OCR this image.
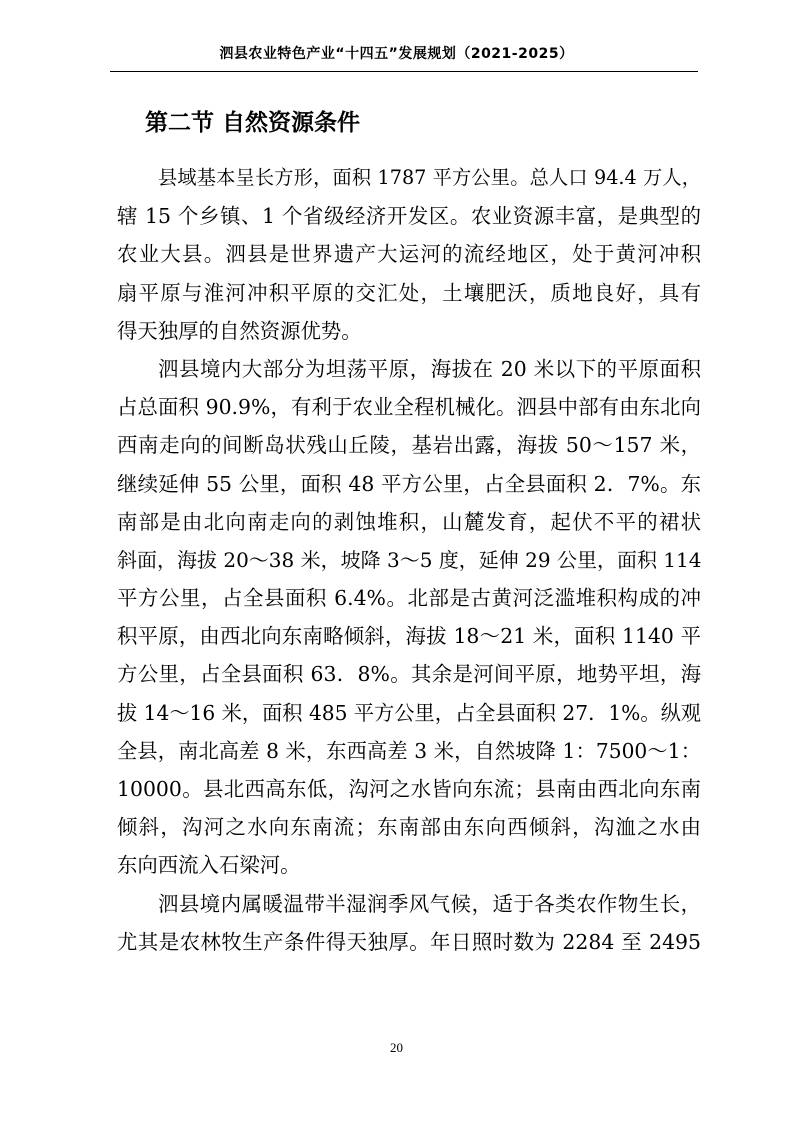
泗县农业特色产业“十四五”发展规划（2021-2025）
第二节 自然资源条件
县域基本呈长方形，面积 1787 平方公里。总人口 94.4 万人，
辖 15 个乡镇、1 个省级经济开发区。农业资源丰富，是典型的
农业大县。泗县是世界遗产大运河的流经地区，处于黄河冲积
扇平原与淮河冲积平原的交汇处，土壤肥沃，质地良好，具有
得天独厚的自然资源优势。
泗县境内大部分为坦荡平原，海拔在 20 米以下的平原面积
占总面积 90.9%，有利于农业全程机械化。泗县中部有由东北向
西南走向的间断岛状残山丘陵，基岩出露，海拔 50～157 米，
继续延伸 55 公里，面积 48 平方公里，占全县面积 2．7%。东
南部是由北向南走向的剥蚀堆积，山麓发育，起伏不平的裙状
斜面，海拔 20～38 米，坡降 3～5 度，延伸 29 公里，面积 114
平方公里，占全县面积 6.4%。北部是古黄河泛滥堆积构成的冲
积平原，由西北向东南略倾斜，海拔 18～21 米，面积 1140 平
方公里，占全县面积 63．8%。其余是河间平原，地势平坦，海
拔 14～16 米，面积 485 平方公里，占全县面积 27．1%。纵观
全县，南北高差 8 米，东西高差 3 米，自然坡降 1：7500～1：
10000。县北西高东低，沟河之水皆向东流；县南由西北向东南
倾斜，沟河之水向东南流；东南部由东向西倾斜，沟洫之水由
东向西流入石梁河。
泗县境内属暖温带半湿润季风气候，适于各类农作物生长，
尤其是农林牧生产条件得天独厚。年日照时数为 2284 至 2495
20
